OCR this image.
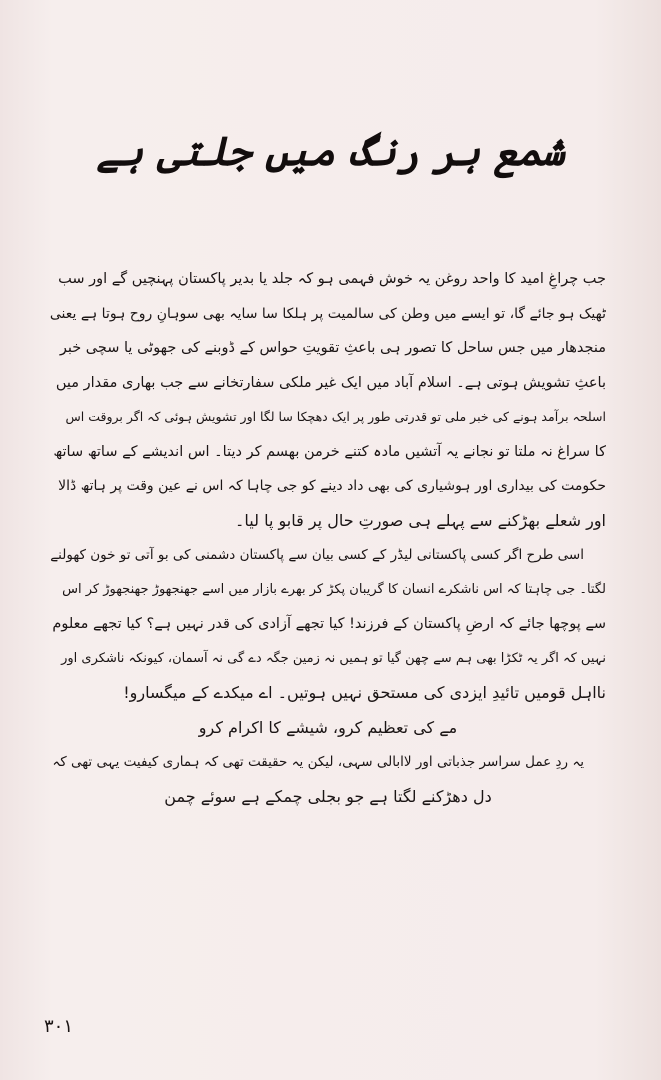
شمع ہر رنگ میں جلتی ہے

جب چراغِ امید کا واحد روغن یہ خوش فہمی ہو کہ جلد یا بدیر پاکستان پہنچیں گے اور سب
ٹھیک ہو جائے گا، تو ایسے میں وطن کی سالمیت پر ہلکا سا سایہ بھی سوہانِ روح ہوتا ہے یعنی
منجدھار میں جس ساحل کا تصور ہی باعثِ تقویتِ حواس کے ڈوبنے کی جھوٹی یا سچی خبر
باعثِ تشویش ہوتی ہے۔ اسلام آباد میں ایک غیر ملکی سفارتخانے سے جب بھاری مقدار میں
اسلحہ برآمد ہونے کی خبر ملی تو قدرتی طور پر ایک دھچکا سا لگا اور تشویش ہوئی کہ اگر بروقت اس
کا سراغ نہ ملتا تو نجانے یہ آتشیں مادہ کتنے خرمن بھسم کر دیتا۔ اس اندیشے کے ساتھ ساتھ
حکومت کی بیداری اور ہوشیاری کی بھی داد دینے کو جی چاہا کہ اس نے عین وقت پر ہاتھ ڈالا
اور شعلے بھڑکنے سے پہلے ہی صورتِ حال پر قابو پا لیا۔

اسی طرح اگر کسی پاکستانی لیڈر کے کسی بیان سے پاکستان دشمنی کی بو آتی تو خون کھولنے
لگتا۔ جی چاہتا کہ اس ناشکرے انسان کا گریبان پکڑ کر بھرے بازار میں اسے جھنجھوڑ جھنجھوڑ کر اس
سے پوچھا جائے کہ ارضِ پاکستان کے فرزند! کیا تجھے آزادی کی قدر نہیں ہے؟ کیا تجھے معلوم
نہیں کہ اگر یہ ٹکڑا بھی ہم سے چھن گیا تو ہمیں نہ زمین جگہ دے گی نہ آسمان، کیونکہ ناشکری اور
نااہل قومیں تائیدِ ایزدی کی مستحق نہیں ہوتیں۔ اے میکدے کے میگسارو!

مے کی تعظیم کرو، شیشے کا اکرام کرو

یہ ردِ عمل سراسر جذباتی اور لاابالی سہی، لیکن یہ حقیقت تھی کہ ہماری کیفیت یہی تھی کہ
دل دھڑکنے لگتا ہے جو بجلی چمکے ہے سوئے چمن

۳۰۱
